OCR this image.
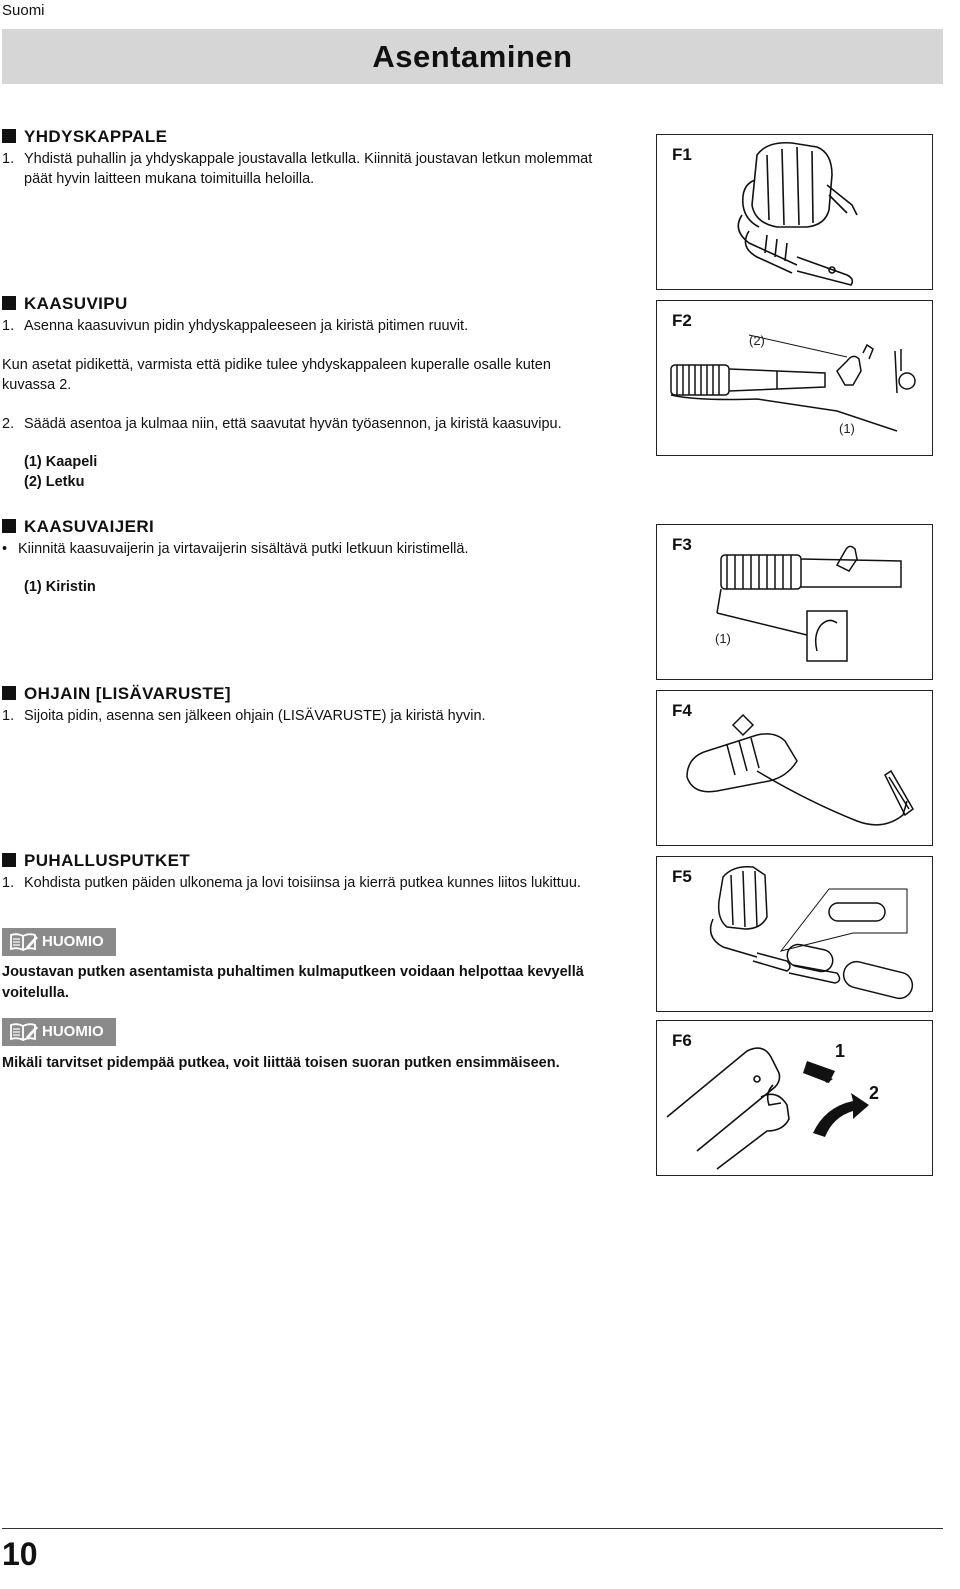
Suomi
Asentaminen
YHDYSKAPPALE
1. Yhdistä puhallin ja yhdyskappale joustavalla letkulla. Kiinnitä joustavan letkun molemmat päät hyvin laitteen mukana toimituilla heloilla.
KAASUVIPU
1. Asenna kaasuvivun pidin yhdyskappaleeseen ja kiristä pitimen ruuvit.
Kun asetat pidikettä, varmista että pidike tulee yhdyskappaleen kuperalle osalle kuten kuvassa 2.
2. Säädä asentoa ja kulmaa niin, että saavutat hyvän työasennon, ja kiristä kaasuvipu.
(1) Kaapeli
(2) Letku
KAASUVAIJERI
• Kiinnitä kaasuvaijerin ja virtavaijerin sisältävä putki letkuun kiristimellä.
(1) Kiristin
OHJAIN [LISÄVARUSTE]
1. Sijoita pidin, asenna sen jälkeen ohjain (LISÄVARUSTE) ja kiristä hyvin.
PUHALLUSPUTKET
1. Kohdista putken päiden ulkonema ja lovi toisiinsa ja kierrä putkea kunnes liitos lukittuu.
HUOMIO
Joustavan putken asentamista puhaltimen kulmaputkeen voidaan helpottaa kevyellä voitelulla.
HUOMIO
Mikäli tarvitset pidempää putkea, voit liittää toisen suoran putken ensimmäiseen.
F1
(2)
(1)
F2
(1)
F3
F4
F5
1
2
F6
10
